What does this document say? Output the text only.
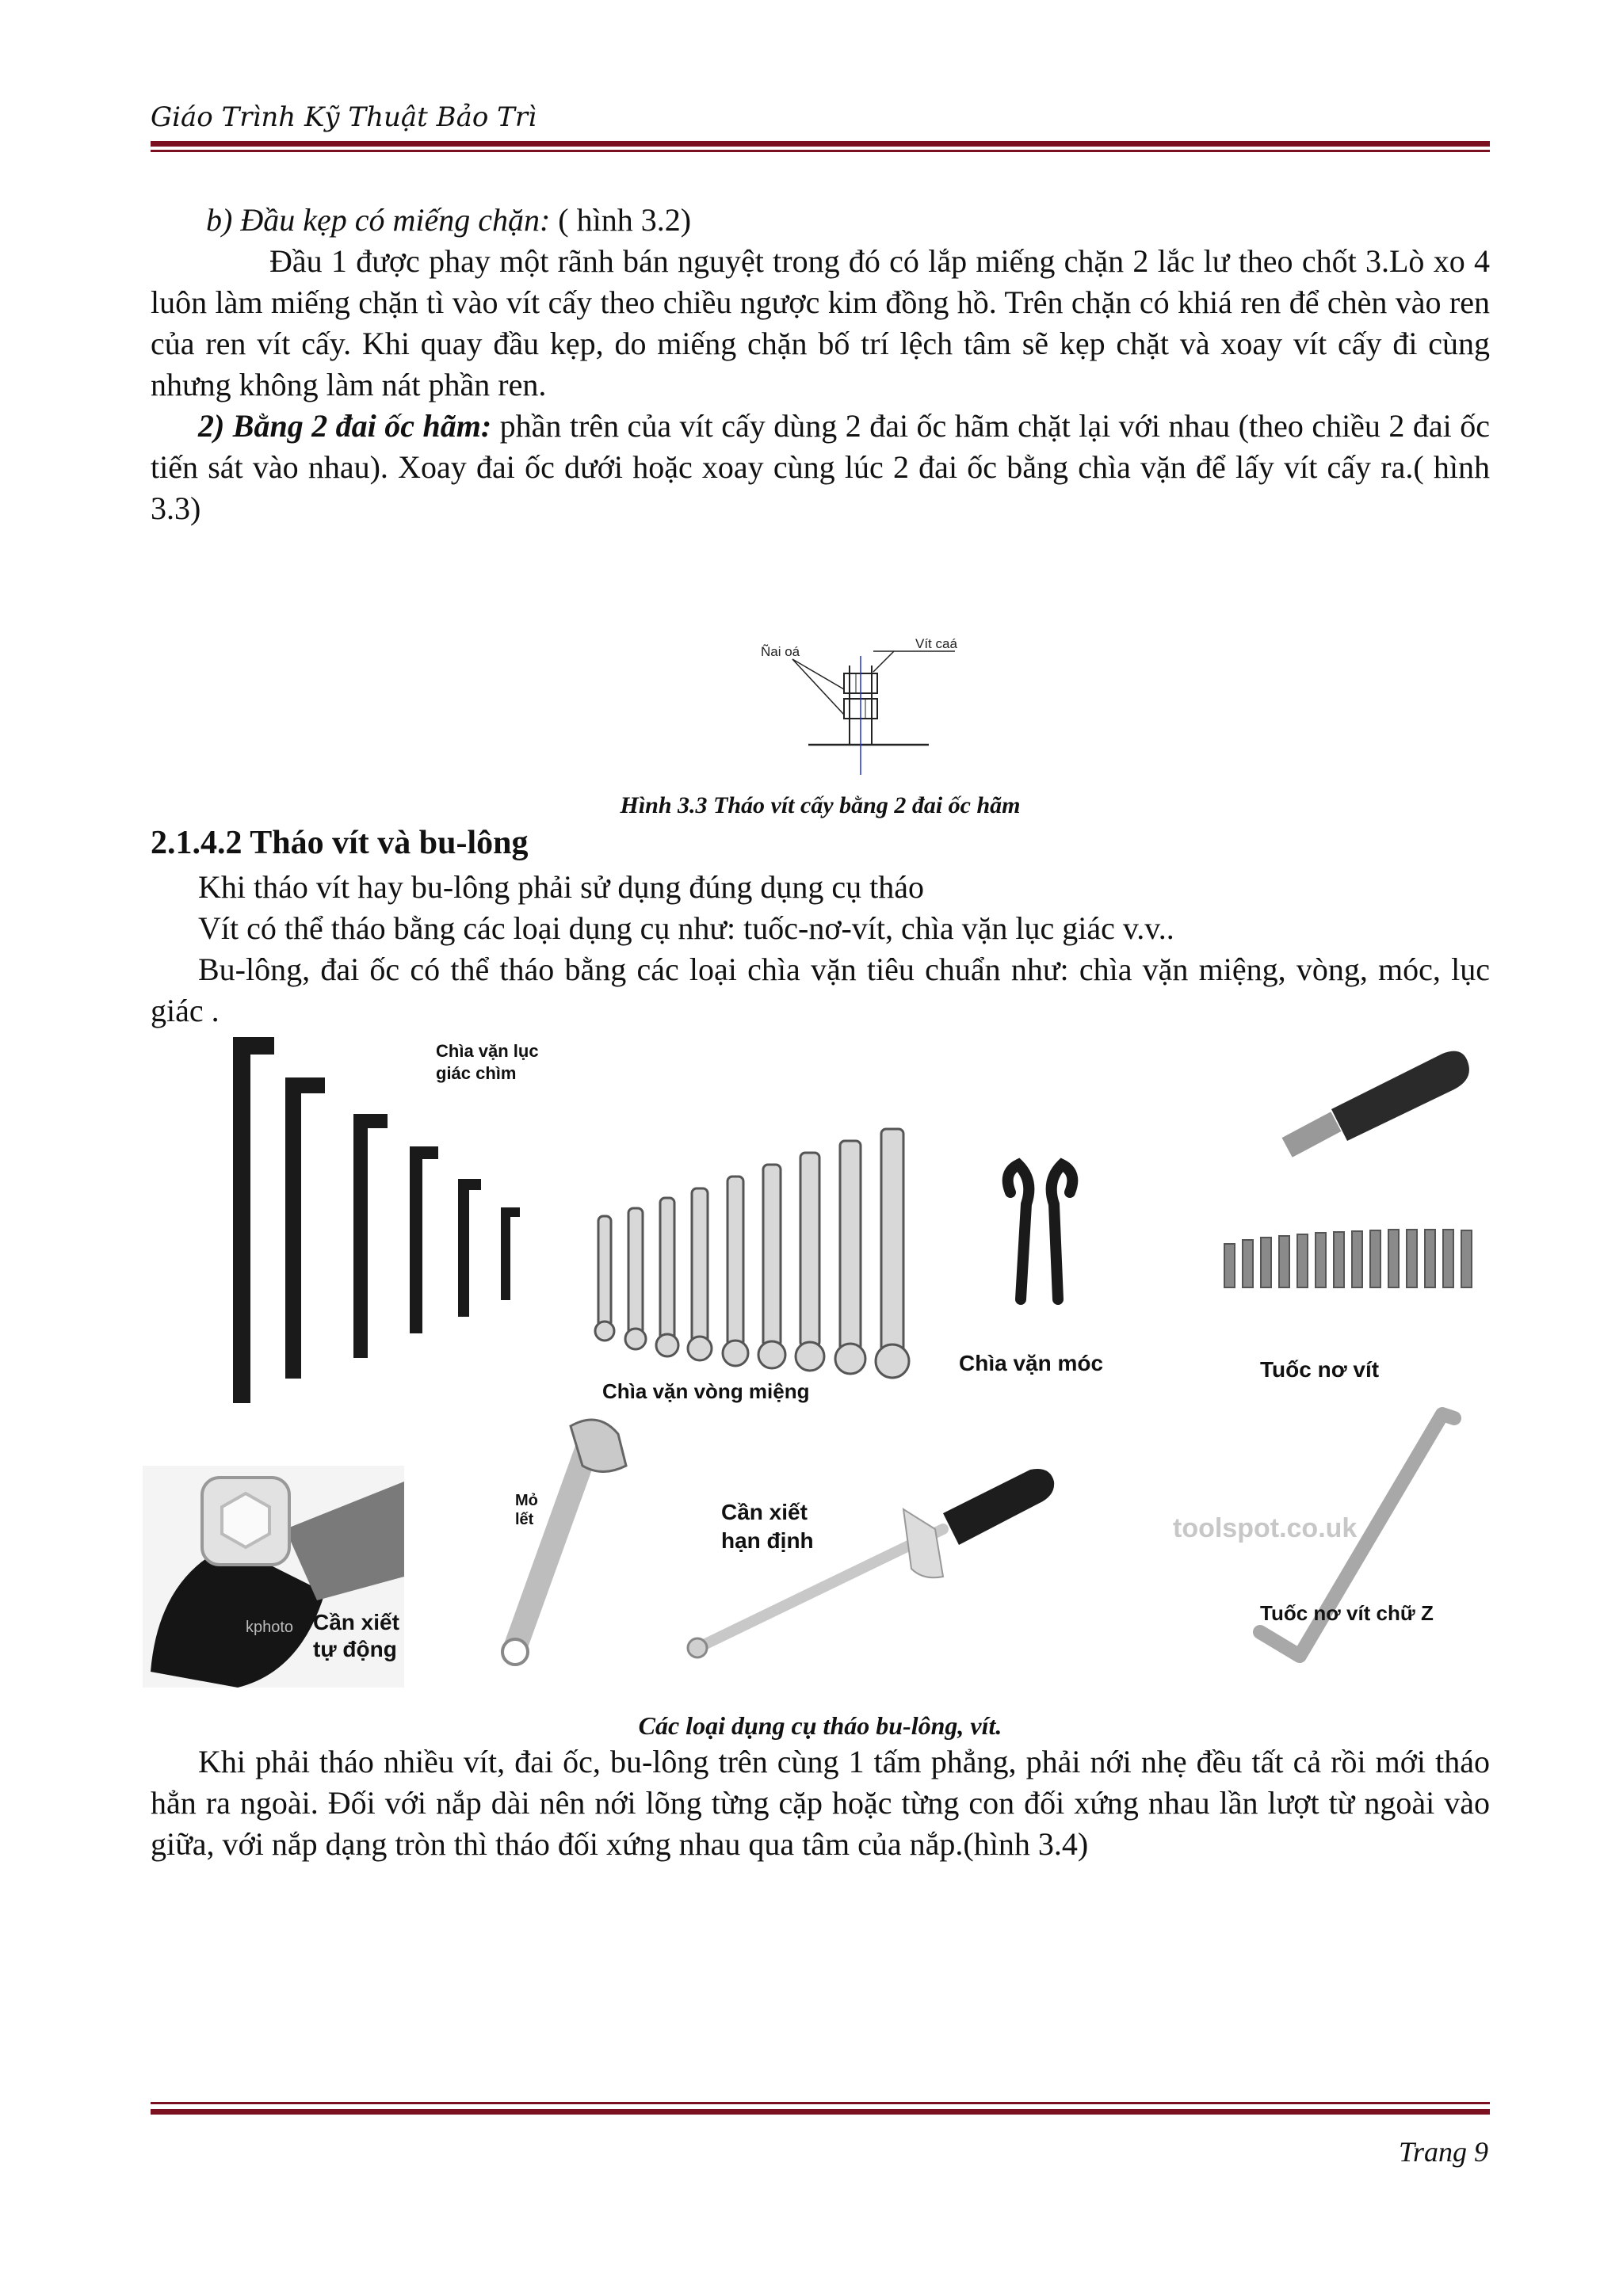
Giáo Trình Kỹ Thuật Bảo Trì
b) Đầu kẹp có miếng chặn: ( hình 3.2)
Đầu 1 được phay một rãnh bán nguyệt trong đó có lắp miếng chặn 2 lắc lư theo chốt 3.Lò xo 4 luôn làm miếng chặn tì vào vít cấy theo chiều ngược kim đồng hồ. Trên chặn có khiá ren để chèn vào ren của ren vít cấy. Khi quay đầu kẹp, do miếng chặn bố trí lệch tâm sẽ kẹp chặt và xoay vít cấy đi cùng nhưng không làm nát phần ren.
2) Bằng 2 đai ốc hãm: phần trên của vít cấy dùng 2 đai ốc hãm chặt lại với nhau (theo chiều 2 đai ốc tiến sát vào nhau). Xoay đai ốc dưới hoặc xoay cùng lúc 2 đai ốc bằng chìa vặn để lấy vít cấy ra.( hình 3.3)
Ñai oá
Vít caá
Hình 3.3 Tháo vít cấy bằng 2 đai ốc hãm
2.1.4.2 Tháo vít và bu-lông
Khi tháo vít hay bu-lông phải sử dụng đúng dụng cụ tháo
Vít có thể tháo bằng các loại dụng cụ như: tuốc-nơ-vít, chìa vặn lục giác v.v..
Bu-lông, đai ốc có thể tháo bằng các loại chìa vặn tiêu chuẩn như: chìa vặn miệng, vòng, móc, lục giác .
Chìa vặn lục giác chìm
Chìa vặn vòng miệng
Chìa vặn móc	Tuốc nơ vít
kphoto Cần xiết tự động
Mỏ lết	Cần xiết hạn định	toolspot.co.uk
Tuốc nơ vít chữ Z
Các loại dụng cụ tháo bu-lông, vít.
Khi phải tháo nhiều vít, đai ốc, bu-lông trên cùng 1 tấm phẳng, phải nới nhẹ đều tất cả rồi mới tháo hẳn ra ngoài. Đối với nắp dài nên nới lõng từng cặp hoặc từng con đối xứng nhau lần lượt từ ngoài vào giữa, với nắp dạng tròn thì tháo đối xứng nhau qua tâm của nắp.(hình 3.4)
Trang 9
